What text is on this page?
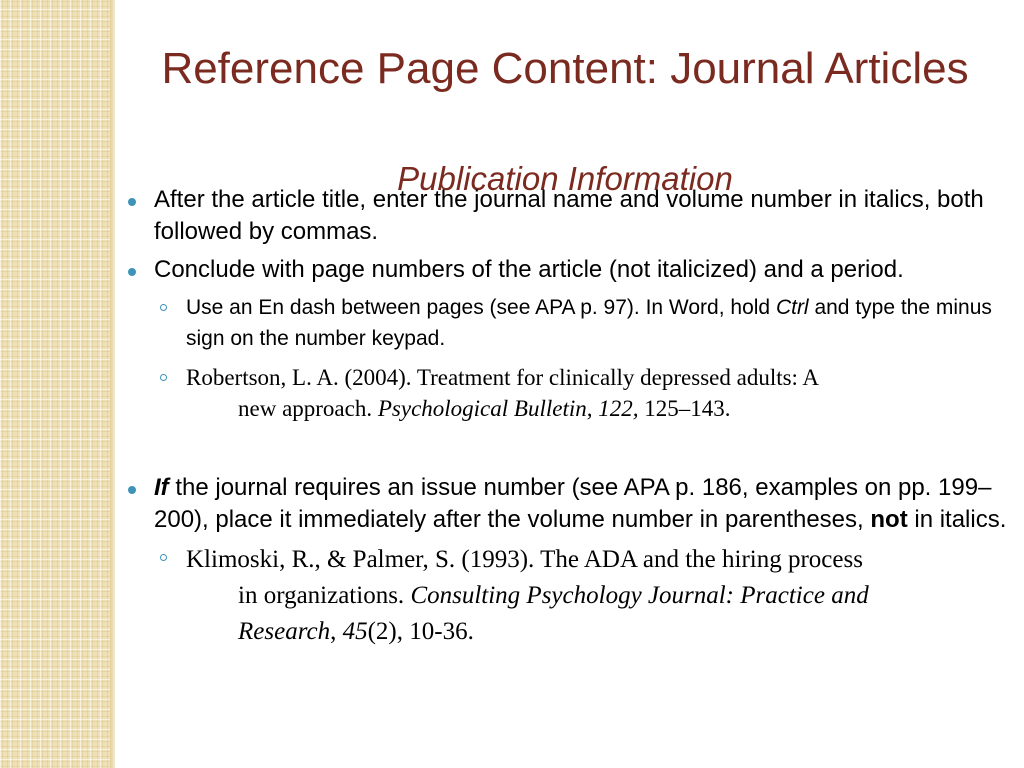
Reference Page Content: Journal Articles
Publication Information
After the article title, enter the journal name and volume number in italics, both followed by commas.
Conclude with page numbers of the article (not italicized) and a period.
Use an En dash between pages (see APA p. 97). In Word, hold Ctrl and type the minus sign on the number keypad.
Robertson, L. A. (2004). Treatment for clinically depressed adults: A
new approach. Psychological Bulletin, 122, 125–143.
If the journal requires an issue number (see APA p. 186, examples on pp. 199–200), place it immediately after the volume number in parentheses, not in italics.
Klimoski, R., & Palmer, S. (1993). The ADA and the hiring process
in organizations. Consulting Psychology Journal: Practice and
Research, 45(2), 10-36.
